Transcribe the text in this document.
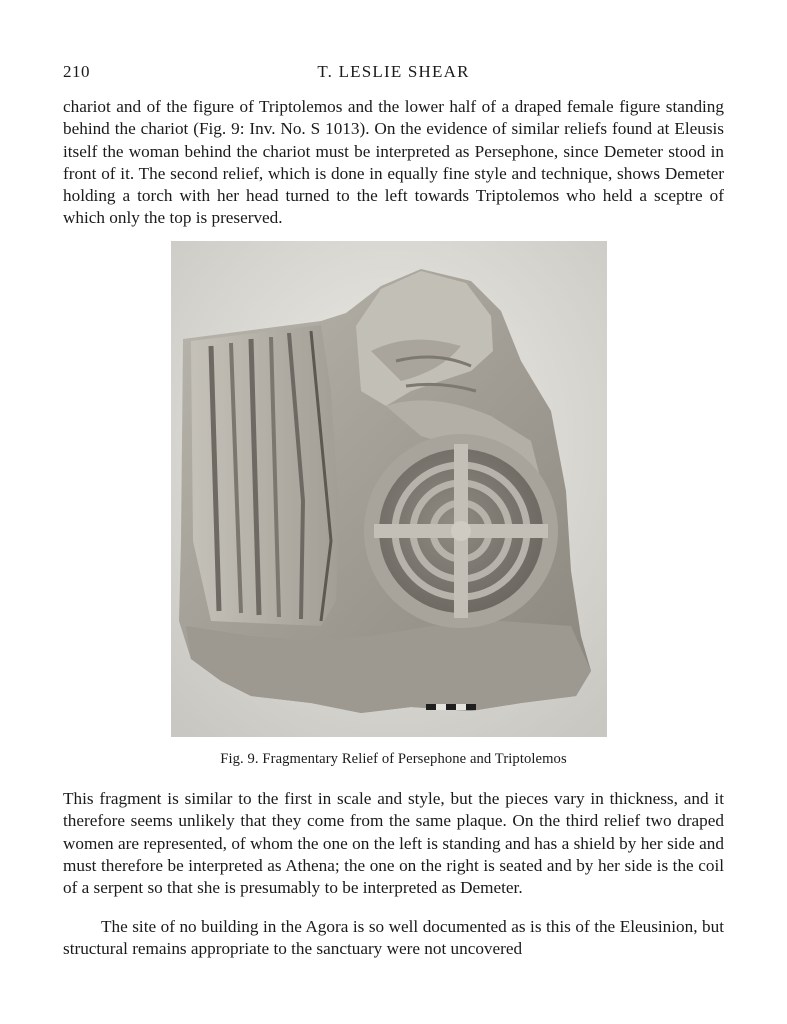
210	T. LESLIE SHEAR

chariot and of the figure of Triptolemos and the lower half of a draped female figure standing behind the chariot (Fig. 9: Inv. No. S 1013). On the evidence of similar reliefs found at Eleusis itself the woman behind the chariot must be interpreted as Persephone, since Demeter stood in front of it. The second relief, which is done in equally fine style and technique, shows Demeter holding a torch with her head turned to the left towards Triptolemos who held a sceptre of which only the top is preserved.

Fig. 9. Fragmentary Relief of Persephone and Triptolemos

This fragment is similar to the first in scale and style, but the pieces vary in thickness, and it therefore seems unlikely that they come from the same plaque. On the third relief two draped women are represented, of whom the one on the left is standing and has a shield by her side and must therefore be interpreted as Athena; the one on the right is seated and by her side is the coil of a serpent so that she is presumably to be interpreted as Demeter.

The site of no building in the Agora is so well documented as is this of the Eleusinion, but structural remains appropriate to the sanctuary were not uncovered
